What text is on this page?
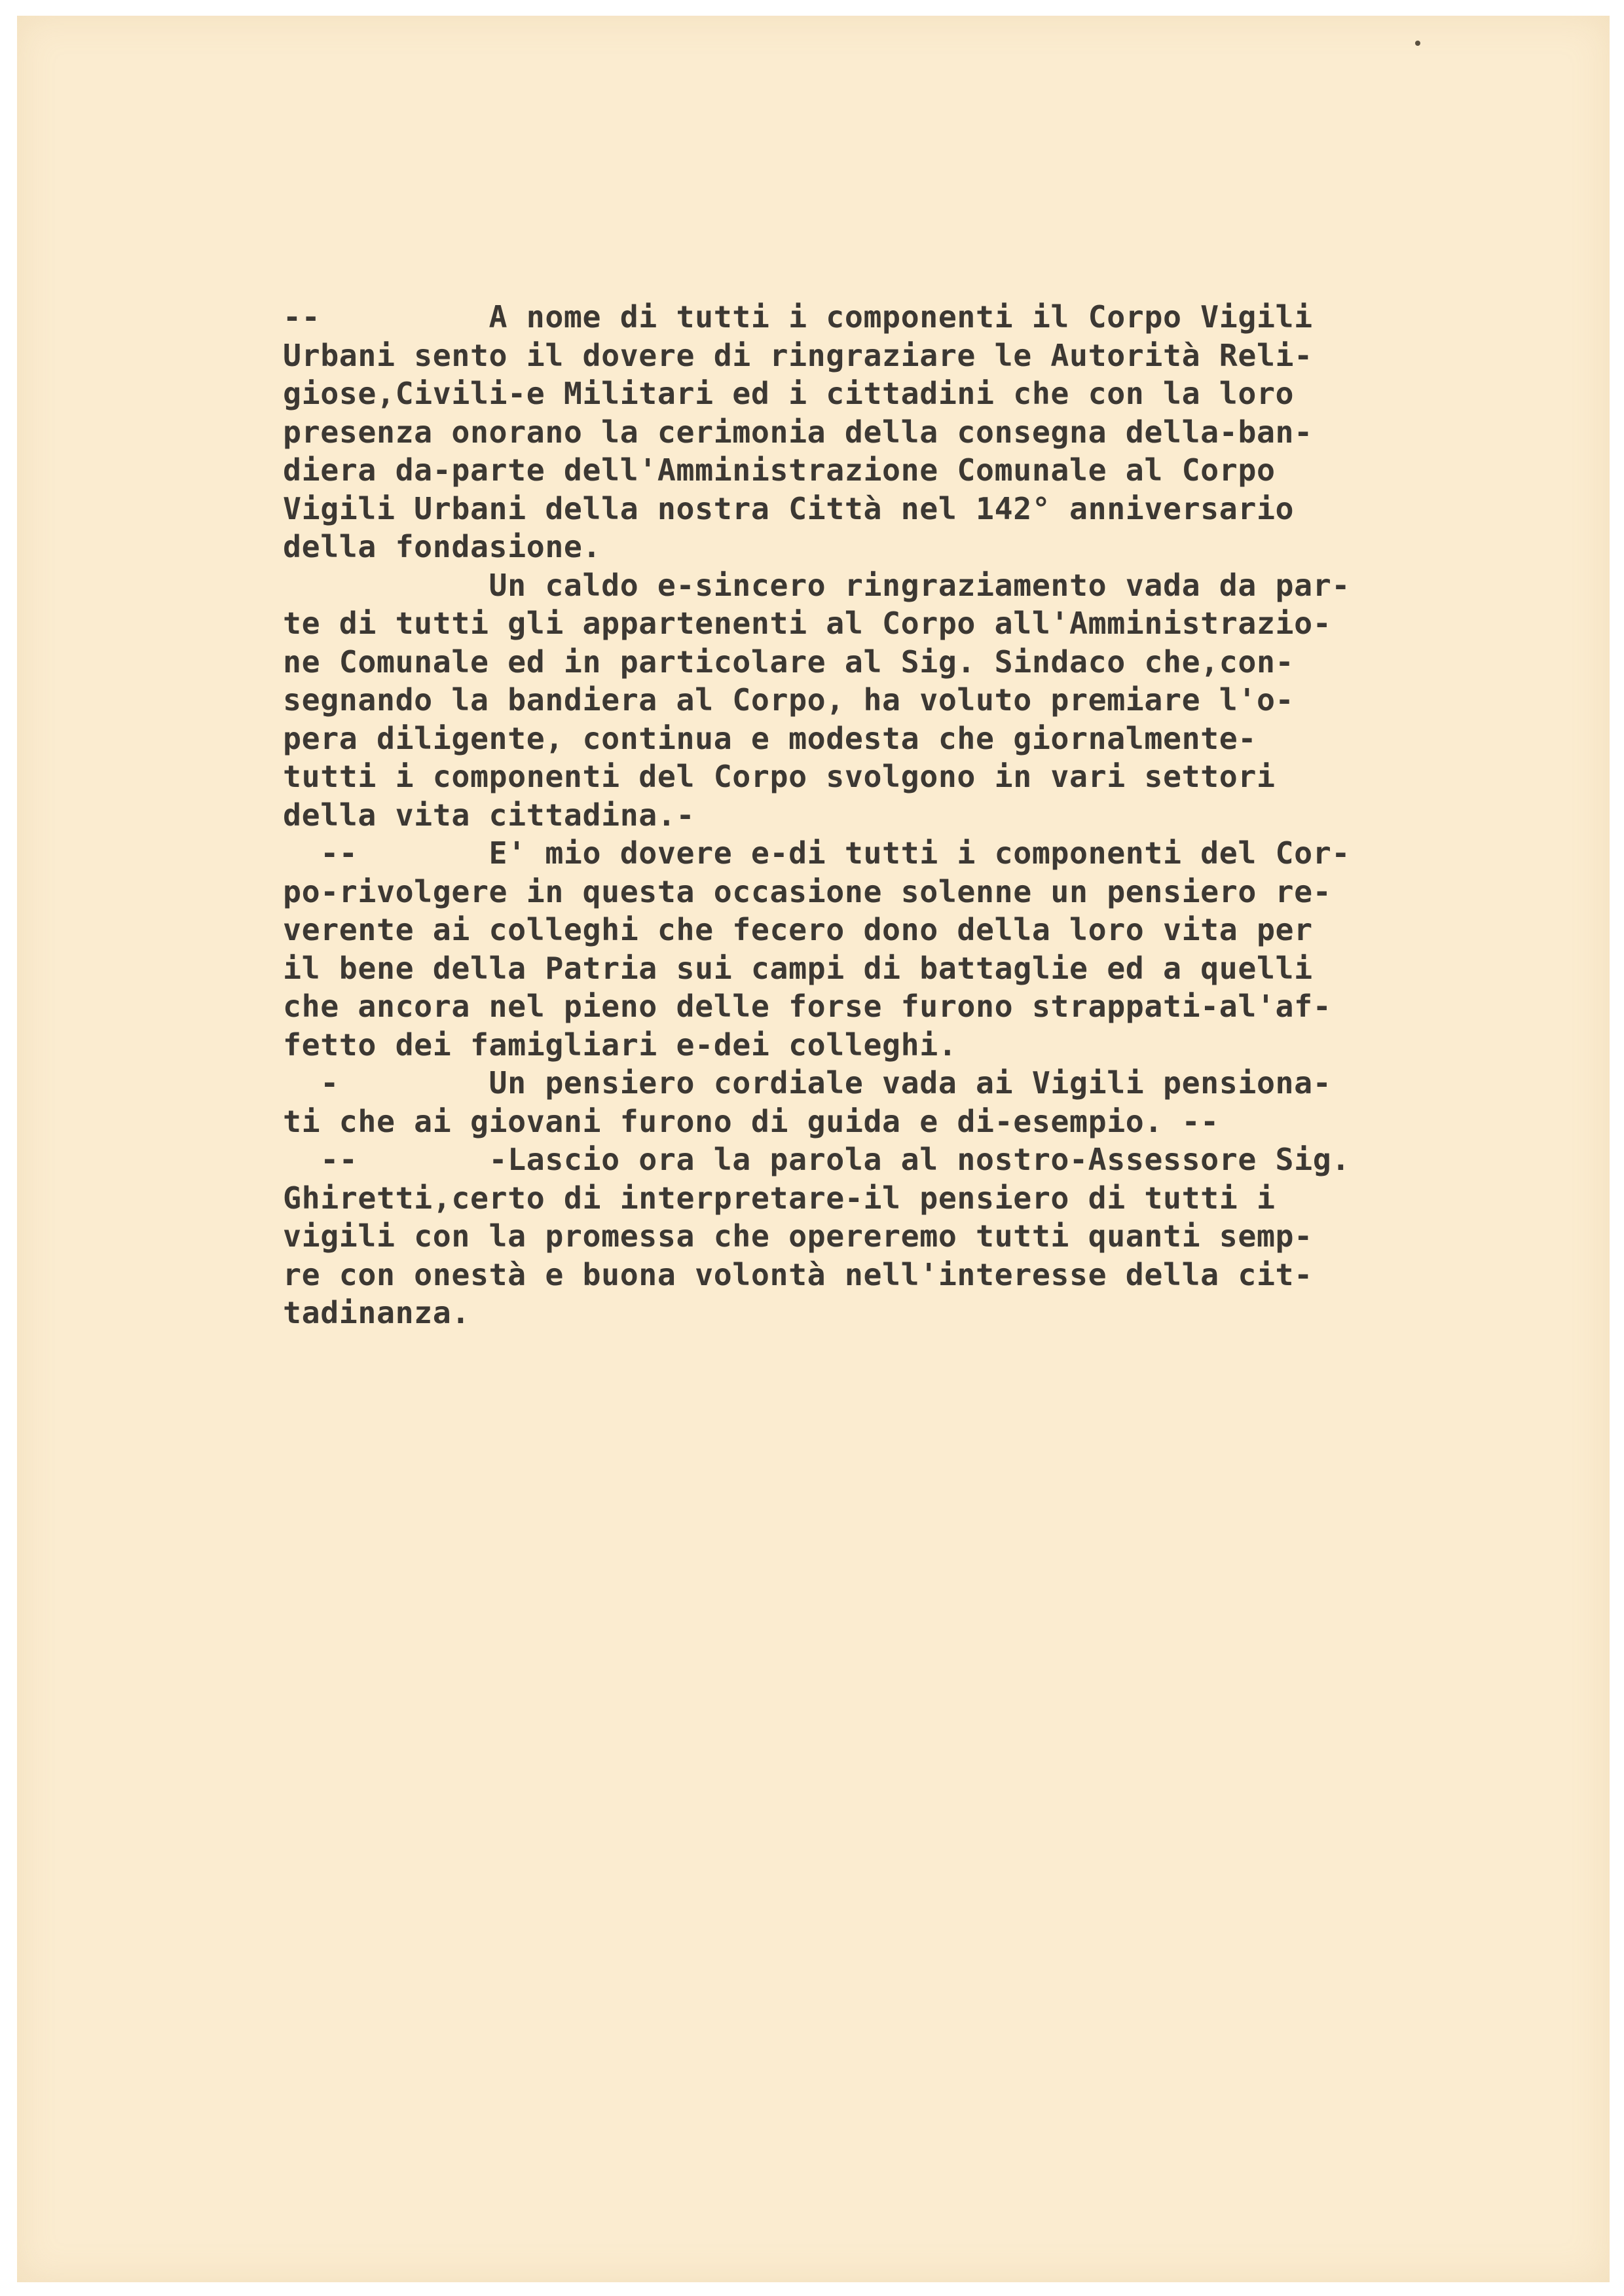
--         A nome di tutti i componenti il Corpo Vigili
Urbani sento il dovere di ringraziare le Autorità Reli-
giose,Civili-e Militari ed i cittadini che con la loro
presenza onorano la cerimonia della consegna della-ban-
diera da-parte dell'Amministrazione Comunale al Corpo
Vigili Urbani della nostra Città nel 142° anniversario
della fondasione.
Un caldo e-sincero ringraziamento vada da par-
te di tutti gli appartenenti al Corpo all'Amministrazio-
ne Comunale ed in particolare al Sig. Sindaco che,con-
segnando la bandiera al Corpo, ha voluto premiare l'o-
pera diligente, continua e modesta che giornalmente-
tutti i componenti del Corpo svolgono in vari settori
della vita cittadina.-
--       E' mio dovere e-di tutti i componenti del Cor-
po-rivolgere in questa occasione solenne un pensiero re-
verente ai colleghi che fecero dono della loro vita per
il bene della Patria sui campi di battaglie ed a quelli
che ancora nel pieno delle forse furono strappati-al'af-
fetto dei famigliari e-dei colleghi.
-        Un pensiero cordiale vada ai Vigili pensiona-
ti che ai giovani furono di guida e di-esempio. --
--       -Lascio ora la parola al nostro-Assessore Sig.
Ghiretti,certo di interpretare-il pensiero di tutti i
vigili con la promessa che opereremo tutti quanti semp-
re con onestà e buona volontà nell'interesse della cit-
tadinanza.
